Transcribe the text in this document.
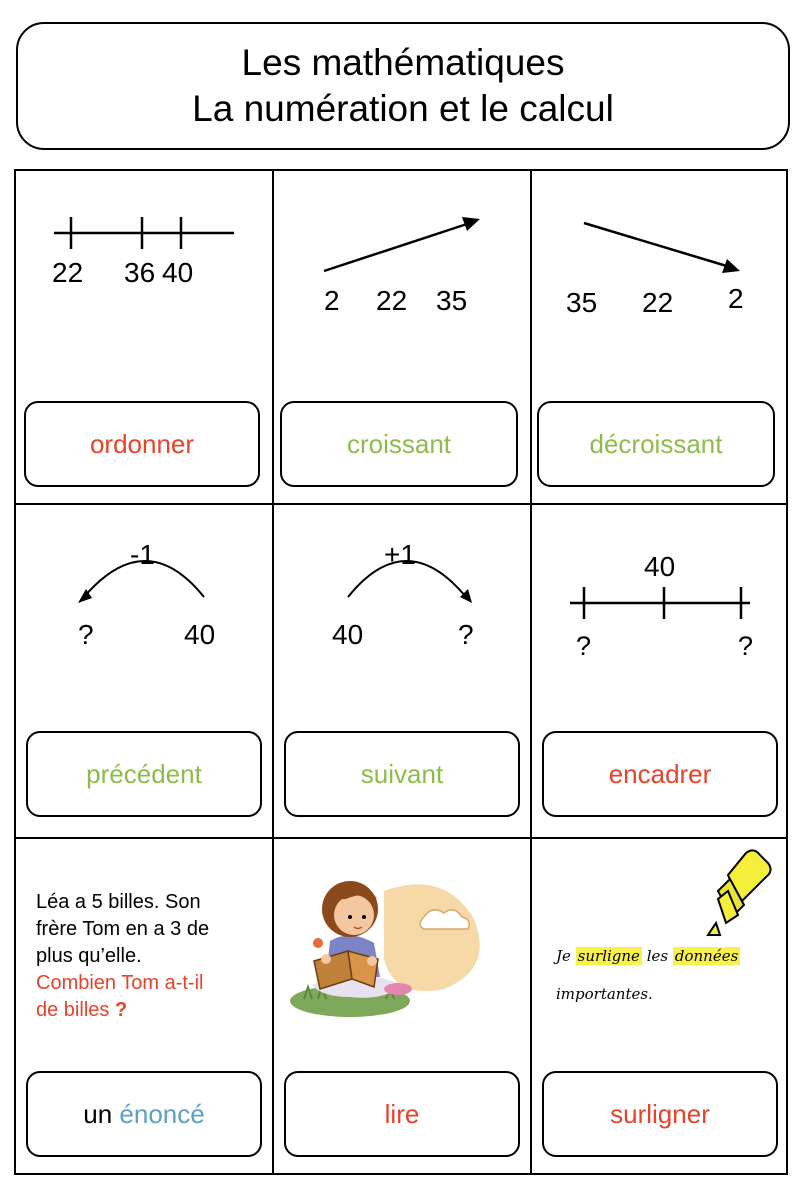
Les mathématiques
La numération et le calcul
22 36 40
ordonner
2 22 35
croissant
35 22 2
décroissant
-1
?	40
précédent
+1
40	?
suivant
40
?	?
encadrer
Léa a 5 billes. Son
frère Tom en a 3 de
plus qu’elle.
Combien Tom a-t-il
de billes ?
un
énoncé	lire
Je surligne les données
importantes.
surligner
